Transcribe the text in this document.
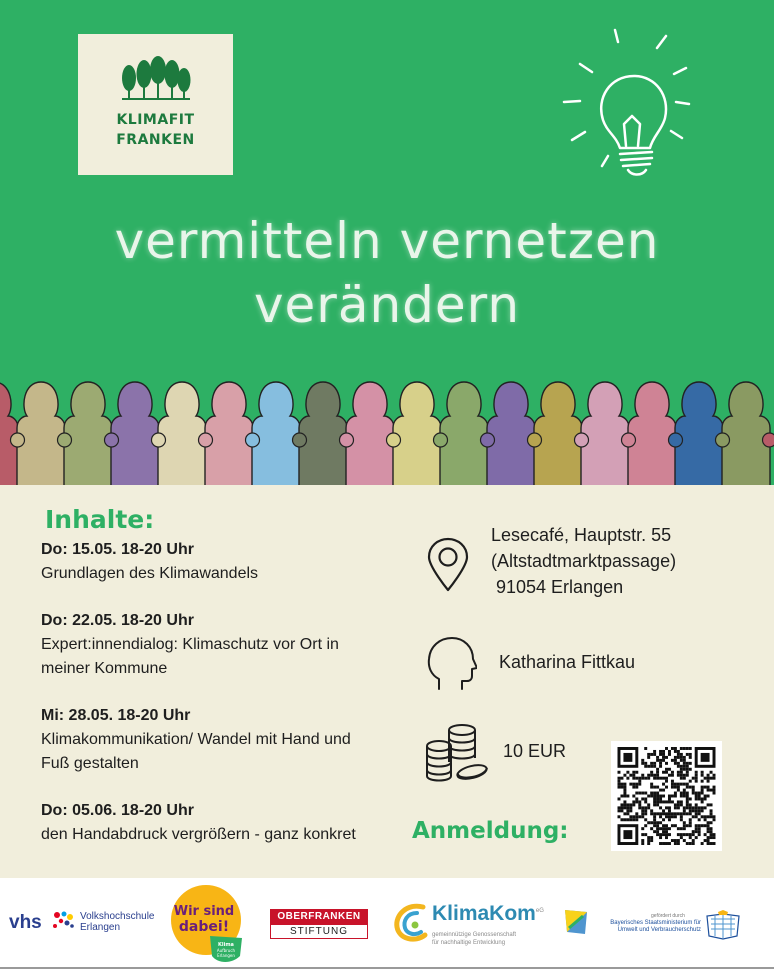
KLIMAFIT
FRANKEN
vermitteln vernetzen
verändern
Inhalte:
Do: 15.05. 18-20 Uhr
Grundlagen des Klimawandels
Do: 22.05. 18-20 Uhr
Expert:innendialog: Klimaschutz vor Ort in meiner Kommune
Mi: 28.05. 18-20 Uhr
Klimakommunikation/ Wandel mit Hand und Fuß gestalten
Do: 05.06. 18-20 Uhr
den Handabdruck vergrößern - ganz konkret
Lesecafé, Hauptstr. 55
(Altstadtmarktpassage)
91054 Erlangen
Katharina Fittkau
10 EUR
Anmeldung:
vhs	Volkshochschule
Erlangen
Wir sind
dabei!
Klima
Aufbruch
Erlangen
OBERFRANKEN
STIFTUNG
KlimaKom$^{eG}$
gemeinnützige Genossenschaft
für nachhaltige Entwicklung
gefördert durch
Bayerisches Staatsministerium für
Umwelt und Verbraucherschutz
